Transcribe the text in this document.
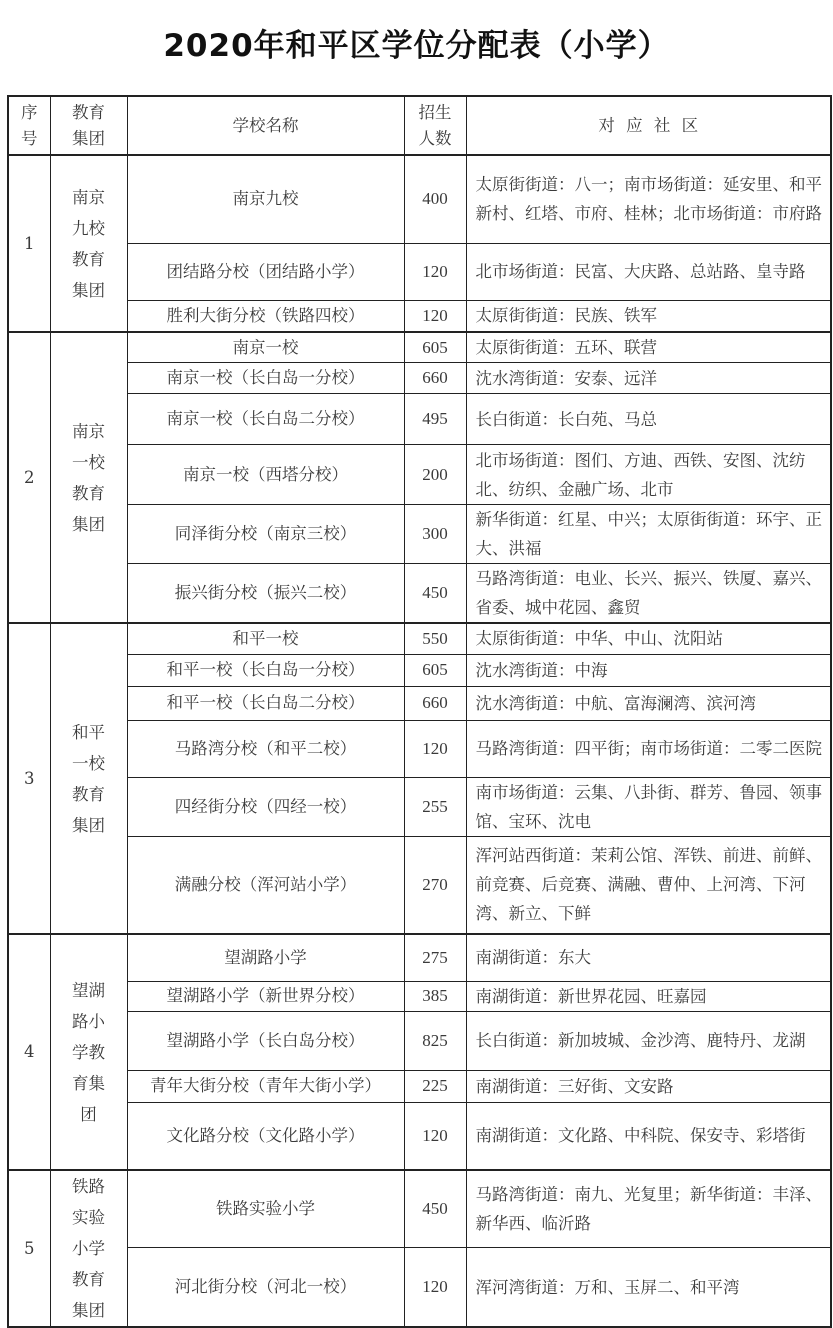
2020年和平区学位分配表（小学）
序号	教育集团	学校名称	招生人数	对 应 社 区
1	南京九校教育集团	南京九校	400	太原街街道：八一；南市场街道：延安里、和平新村、红塔、市府、桂林；北市场街道：市府路
		团结路分校（团结路小学）	120	北市场街道：民富、大庆路、总站路、皇寺路
		胜利大街分校（铁路四校）	120	太原街街道：民族、铁军
2	南京一校教育集团	南京一校	605	太原街街道：五环、联营
		南京一校（长白岛一分校）	660	沈水湾街道：安泰、远洋
		南京一校（长白岛二分校）	495	长白街道：长白苑、马总
		南京一校（西塔分校）	200	北市场街道：图们、方迪、西铁、安图、沈纺北、纺织、金融广场、北市
		同泽街分校（南京三校）	300	新华街道：红星、中兴；太原街街道：环宇、正大、洪福
		振兴街分校（振兴二校）	450	马路湾街道：电业、长兴、振兴、铁厦、嘉兴、省委、城中花园、鑫贸
3	和平一校教育集团	和平一校	550	太原街街道：中华、中山、沈阳站
		和平一校（长白岛一分校）	605	沈水湾街道：中海
		和平一校（长白岛二分校）	660	沈水湾街道：中航、富海澜湾、滨河湾
		马路湾分校（和平二校）	120	马路湾街道：四平街；南市场街道：二零二医院
		四经街分校（四经一校）	255	南市场街道：云集、八卦街、群芳、鲁园、领事馆、宝环、沈电
		满融分校（浑河站小学）	270	浑河站西街道：茉莉公馆、浑铁、前进、前鲜、前竞赛、后竞赛、满融、曹仲、上河湾、下河湾、新立、下鲜
4	望湖路小学教育集团	望湖路小学	275	南湖街道：东大
		望湖路小学（新世界分校）	385	南湖街道：新世界花园、旺嘉园
		望湖路小学（长白岛分校）	825	长白街道：新加坡城、金沙湾、鹿特丹、龙湖
		青年大街分校（青年大街小学）	225	南湖街道：三好街、文安路
		文化路分校（文化路小学）	120	南湖街道：文化路、中科院、保安寺、彩塔街
5	铁路实验小学教育集团	铁路实验小学	450	马路湾街道：南九、光复里；新华街道：丰泽、新华西、临沂路
		河北街分校（河北一校）	120	浑河湾街道：万和、玉屏二、和平湾
